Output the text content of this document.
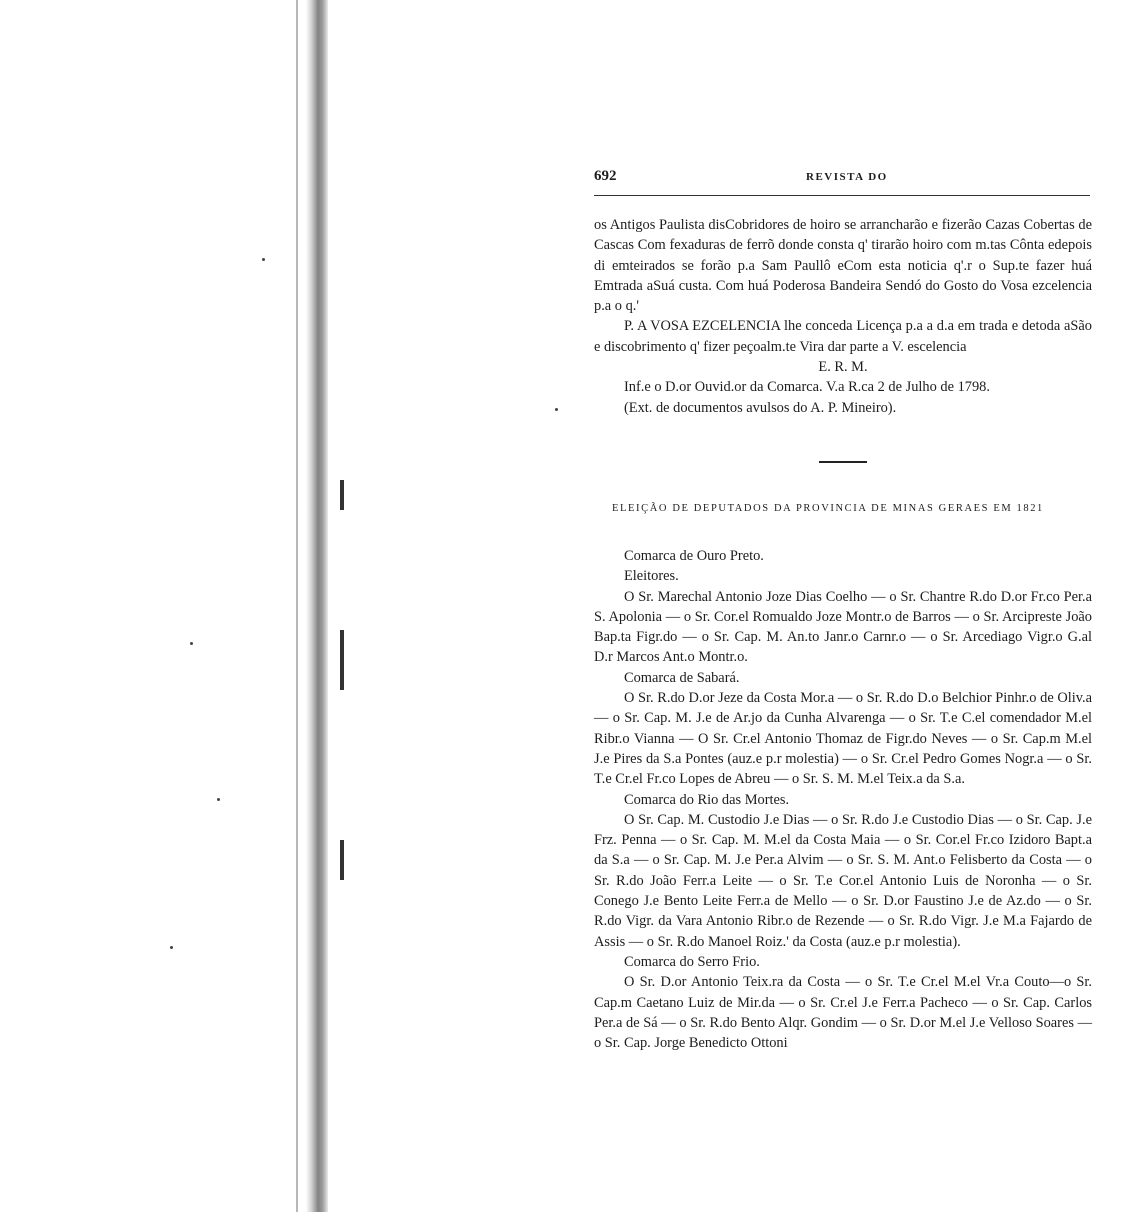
692	REVISTA DO

os Antigos Paulista disCobridores de hoiro se arrancharão e fizerão Cazas Cobertas de Cascas Com fexaduras de ferrõ donde consta q' tirarão hoiro com m.tas Cônta edepois di emteirados se forão p.a Sam Paullô eCom esta noticia q'.r o Sup.te fazer huá Emtrada aSuá custa. Com huá Poderosa Bandeira Sendó do Gosto do Vosa ezcelencia p.a o q.'

P. A VOSA EZCELENCIA lhe conceda Licença p.a a d.a em trada e detoda aSão e discobrimento q' fizer peçoalm.te Vira dar parte a V. escelencia

E. R. M.

Inf.e o D.or Ouvid.or da Comarca. V.a R.ca 2 de Julho de 1798.

(Ext. de documentos avulsos do A. P. Mineiro).

ELEIÇÃO DE DEPUTADOS DA PROVINCIA DE MINAS GERAES EM 1821

Comarca de Ouro Preto.

Eleitores.

O Sr. Marechal Antonio Joze Dias Coelho — o Sr. Chantre R.do D.or Fr.co Per.a S. Apolonia — o Sr. Cor.el Romualdo Joze Montr.o de Barros — o Sr. Arcipreste João Bap.ta Figr.do — o Sr. Cap. M. An.to Janr.o Carnr.o — o Sr. Arcediago Vigr.o G.al D.r Marcos Ant.o Montr.o.

Comarca de Sabará.

O Sr. R.do D.or Jeze da Costa Mor.a — o Sr. R.do D.o Belchior Pinhr.o de Oliv.a — o Sr. Cap. M. J.e de Ar.jo da Cunha Alvarenga — o Sr. T.e C.el comendador M.el Ribr.o Vianna — O Sr. Cr.el Antonio Thomaz de Figr.do Neves — o Sr. Cap.m M.el J.e Pires da S.a Pontes (auz.e p.r molestia) — o Sr. Cr.el Pedro Gomes Nogr.a — o Sr. T.e Cr.el Fr.co Lopes de Abreu — o Sr. S. M. M.el Teix.a da S.a.

Comarca do Rio das Mortes.

O Sr. Cap. M. Custodio J.e Dias — o Sr. R.do J.e Custodio Dias — o Sr. Cap. J.e Frz. Penna — o Sr. Cap. M. M.el da Costa Maia — o Sr. Cor.el Fr.co Izidoro Bapt.a da S.a — o Sr. Cap. M. J.e Per.a Alvim — o Sr. S. M. Ant.o Felisberto da Costa — o Sr. R.do João Ferr.a Leite — o Sr. T.e Cor.el Antonio Luis de Noronha — o Sr. Conego J.e Bento Leite Ferr.a de Mello — o Sr. D.or Faustino J.e de Az.do — o Sr. R.do Vigr. da Vara Antonio Ribr.o de Rezende — o Sr. R.do Vigr. J.e M.a Fajardo de Assis — o Sr. R.do Manoel Roiz.' da Costa (auz.e p.r molestia).

Comarca do Serro Frio.

O Sr. D.or Antonio Teix.ra da Costa — o Sr. T.e Cr.el M.el Vr.a Couto—o Sr. Cap.m Caetano Luiz de Mir.da — o Sr. Cr.el J.e Ferr.a Pacheco — o Sr. Cap. Carlos Per.a de Sá — o Sr. R.do Bento Alqr. Gondim — o Sr. D.or M.el J.e Velloso Soares — o Sr. Cap. Jorge Benedicto Ottoni
